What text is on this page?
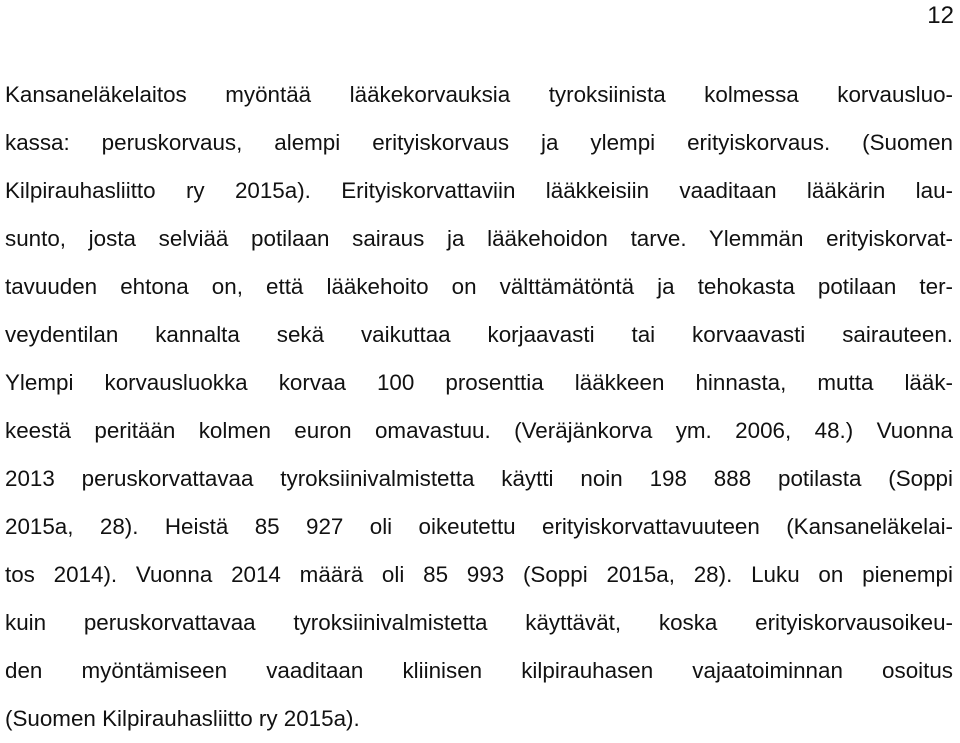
12
Kansaneläkelaitos myöntää lääkekorvauksia tyroksiinista kolmessa korvausluo-
kassa: peruskorvaus, alempi erityiskorvaus ja ylempi erityiskorvaus. (Suomen
Kilpirauhasliitto ry 2015a). Erityiskorvattaviin lääkkeisiin vaaditaan lääkärin lau-
sunto, josta selviää potilaan sairaus ja lääkehoidon tarve. Ylemmän erityiskorvat-
tavuuden ehtona on, että lääkehoito on välttämätöntä ja tehokasta potilaan ter-
veydentilan kannalta sekä vaikuttaa korjaavasti tai korvaavasti sairauteen.
Ylempi korvausluokka korvaa 100 prosenttia lääkkeen hinnasta, mutta lääk-
keestä peritään kolmen euron omavastuu. (Veräjänkorva ym. 2006, 48.) Vuonna
2013 peruskorvattavaa tyroksiinivalmistetta käytti noin 198 888 potilasta (Soppi
2015a, 28). Heistä 85 927 oli oikeutettu erityiskorvattavuuteen (Kansaneläkelai-
tos 2014). Vuonna 2014 määrä oli 85 993 (Soppi 2015a, 28). Luku on pienempi
kuin peruskorvattavaa tyroksiinivalmistetta käyttävät, koska erityiskorvausoikeu-
den myöntämiseen vaaditaan kliinisen kilpirauhasen vajaatoiminnan osoitus
(Suomen Kilpirauhasliitto ry 2015a).
